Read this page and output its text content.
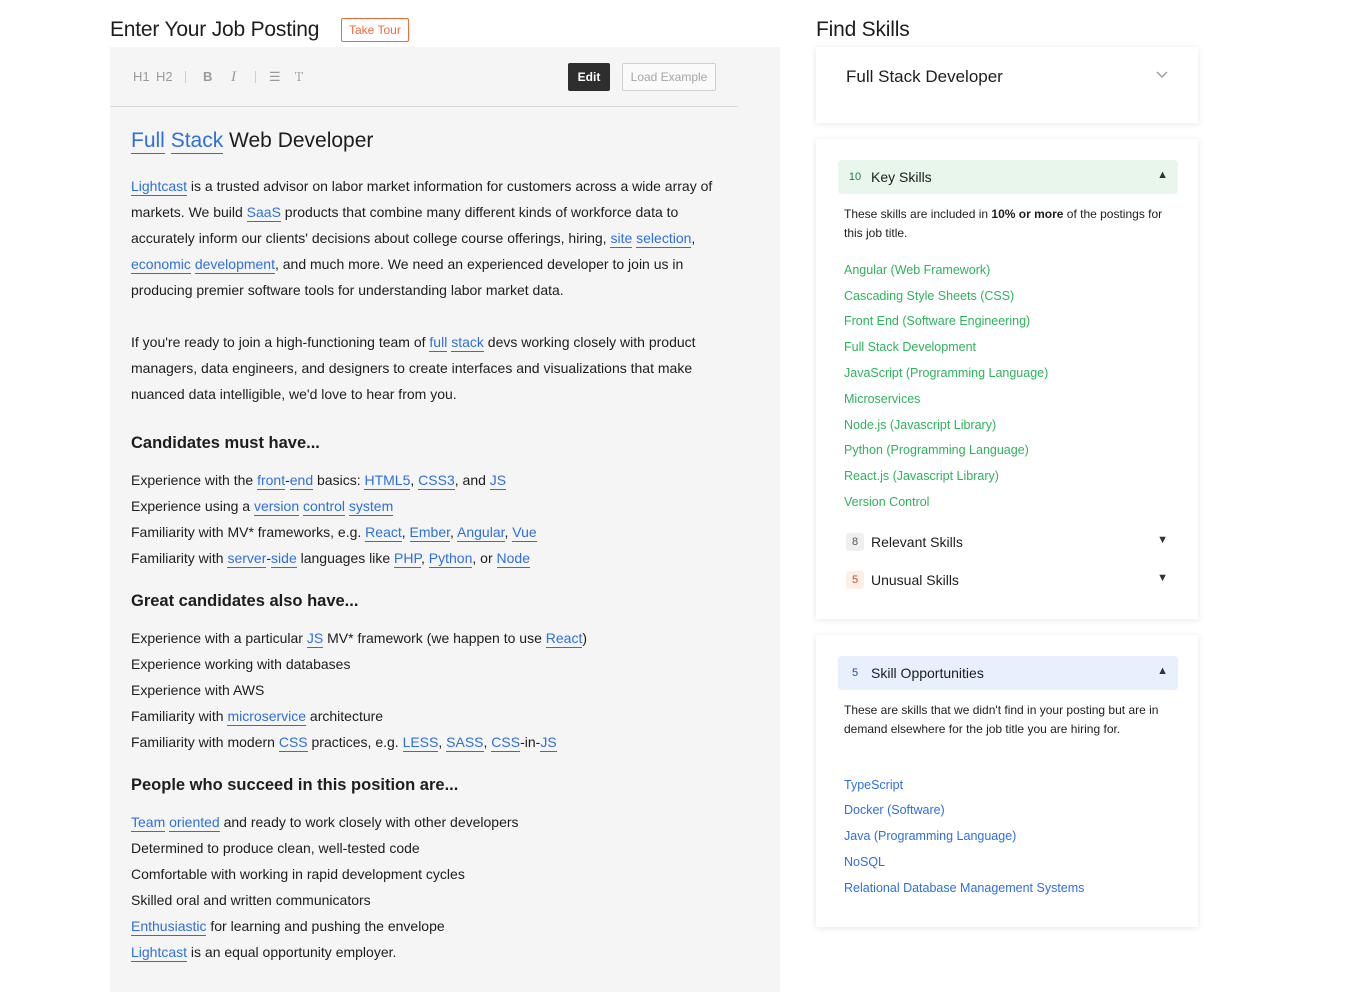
Enter Your Job Posting	Take Tour	Find Skills
H1 H2 B I	☰ Ｔ	Edit	Load Example
Full Stack Web Developer

Lightcast is a trusted advisor on labor market information for customers across a wide array of markets. We build SaaS products that combine many different kinds of workforce data to accurately inform our clients' decisions about college course offerings, hiring, site selection, economic development, and much more. We need an experienced developer to join us in producing premier software tools for understanding labor market data.

If you're ready to join a high-functioning team of full stack devs working closely with product managers, data engineers, and designers to create interfaces and visualizations that make nuanced data intelligible, we'd love to hear from you.

Candidates must have...

Experience with the front-end basics: HTML5, CSS3, and JS

Experience using a version control system

Familiarity with MV* frameworks, e.g. React, Ember, Angular, Vue

Familiarity with server-side languages like PHP, Python, or Node

Great candidates also have...

Experience with a particular JS MV* framework (we happen to use React)

Experience working with databases

Experience with AWS

Familiarity with microservice architecture

Familiarity with modern CSS practices, e.g. LESS, SASS, CSS-in-JS

People who succeed in this position are...

Team oriented and ready to work closely with other developers

Determined to produce clean, well-tested code

Comfortable with working in rapid development cycles

Skilled oral and written communicators

Enthusiastic for learning and pushing the envelope

Lightcast is an equal opportunity employer.

Full Stack Developer
10 Key Skills	▲
These skills are included in 10% or more of the postings for this job title.
Angular (Web Framework)
Cascading Style Sheets (CSS)
Front End (Software Engineering)
Full Stack Development
JavaScript (Programming Language)
Microservices
Node.js (Javascript Library)
Python (Programming Language)
React.js (Javascript Library)
Version Control
8 Relevant Skills	▼
5 Unusual Skills	▼
5 Skill Opportunities	▲
These are skills that we didn't find in your posting but are in demand elsewhere for the job title you are hiring for.
TypeScript
Docker (Software)
Java (Programming Language)
NoSQL
Relational Database Management Systems
